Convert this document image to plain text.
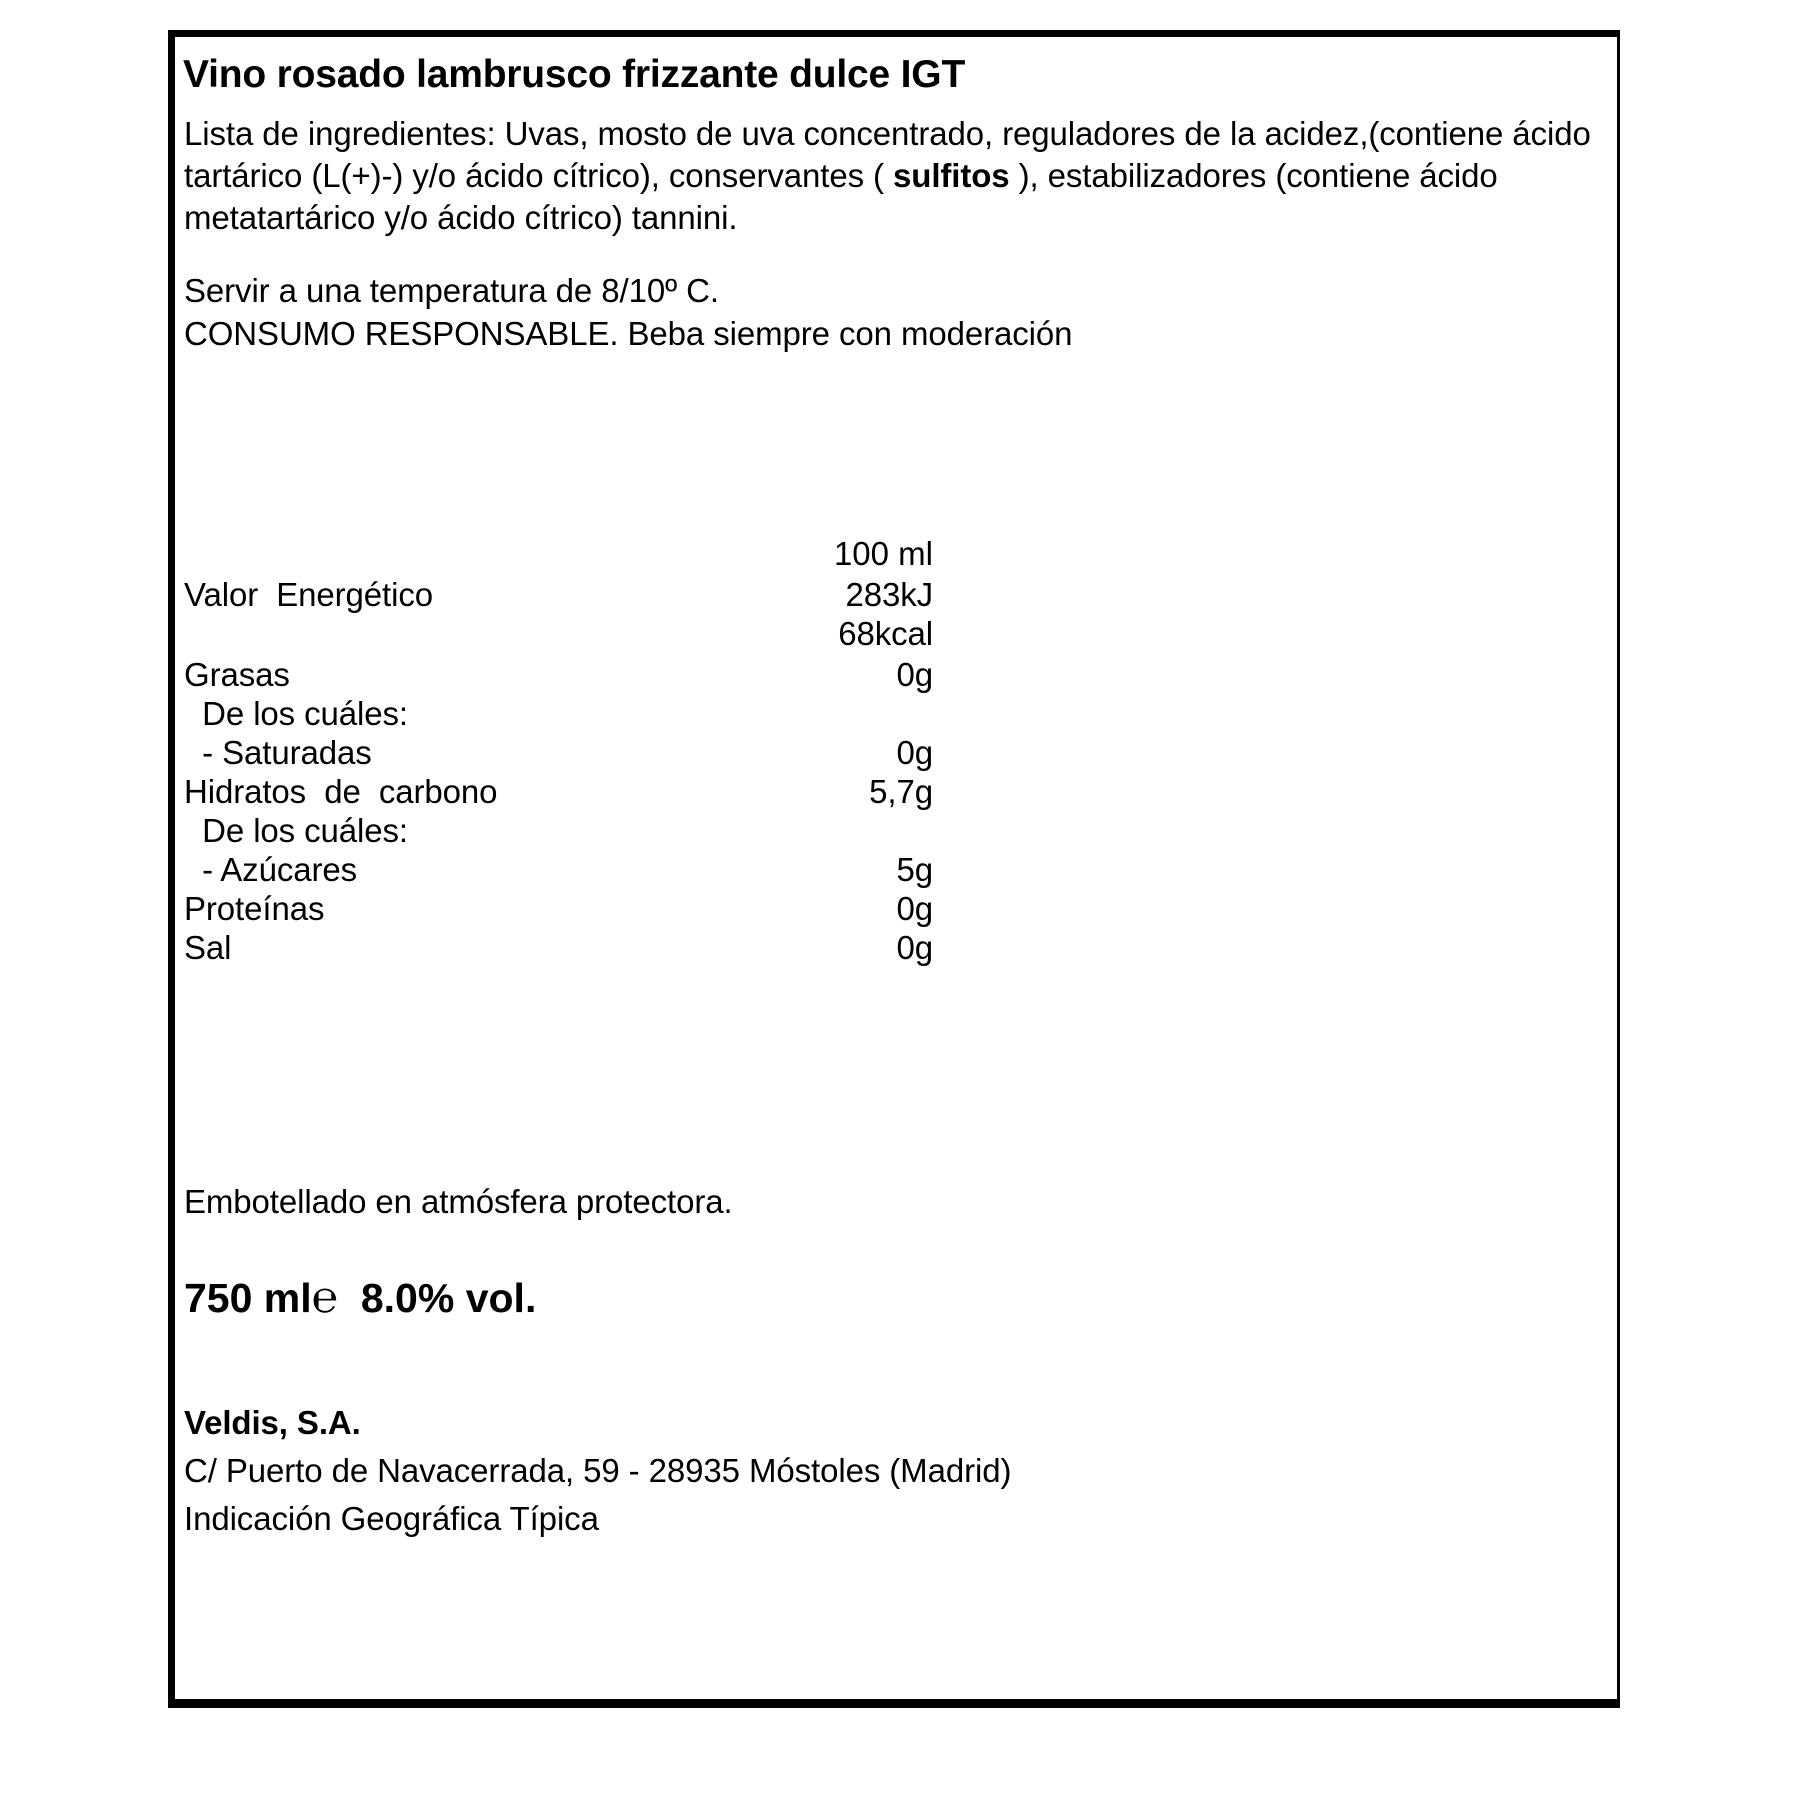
Vino rosado lambrusco frizzante dulce IGT
Lista de ingredientes: Uvas, mosto de uva concentrado, reguladores de la acidez,(contiene ácido tartárico (L(+)-) y/o ácido cítrico), conservantes ( sulfitos ), estabilizadores (contiene ácido metatartárico y/o ácido cítrico) tannini.
Servir a una temperatura de 8/10º C.
CONSUMO RESPONSABLE. Beba siempre con moderación
100 ml
Valor  Energético	283kJ
68kcal
Grasas	0g
De los cuáles:
- Saturadas	0g
Hidratos  de  carbono	5,7g
De los cuáles:
- Azúcares	5g
Proteínas	0g
Sal	0g
Embotellado en atmósfera protectora.
750 ml℮ 8.0% vol.
Veldis, S.A.
C/ Puerto de Navacerrada, 59 - 28935 Móstoles (Madrid)
Indicación Geográfica Típica
